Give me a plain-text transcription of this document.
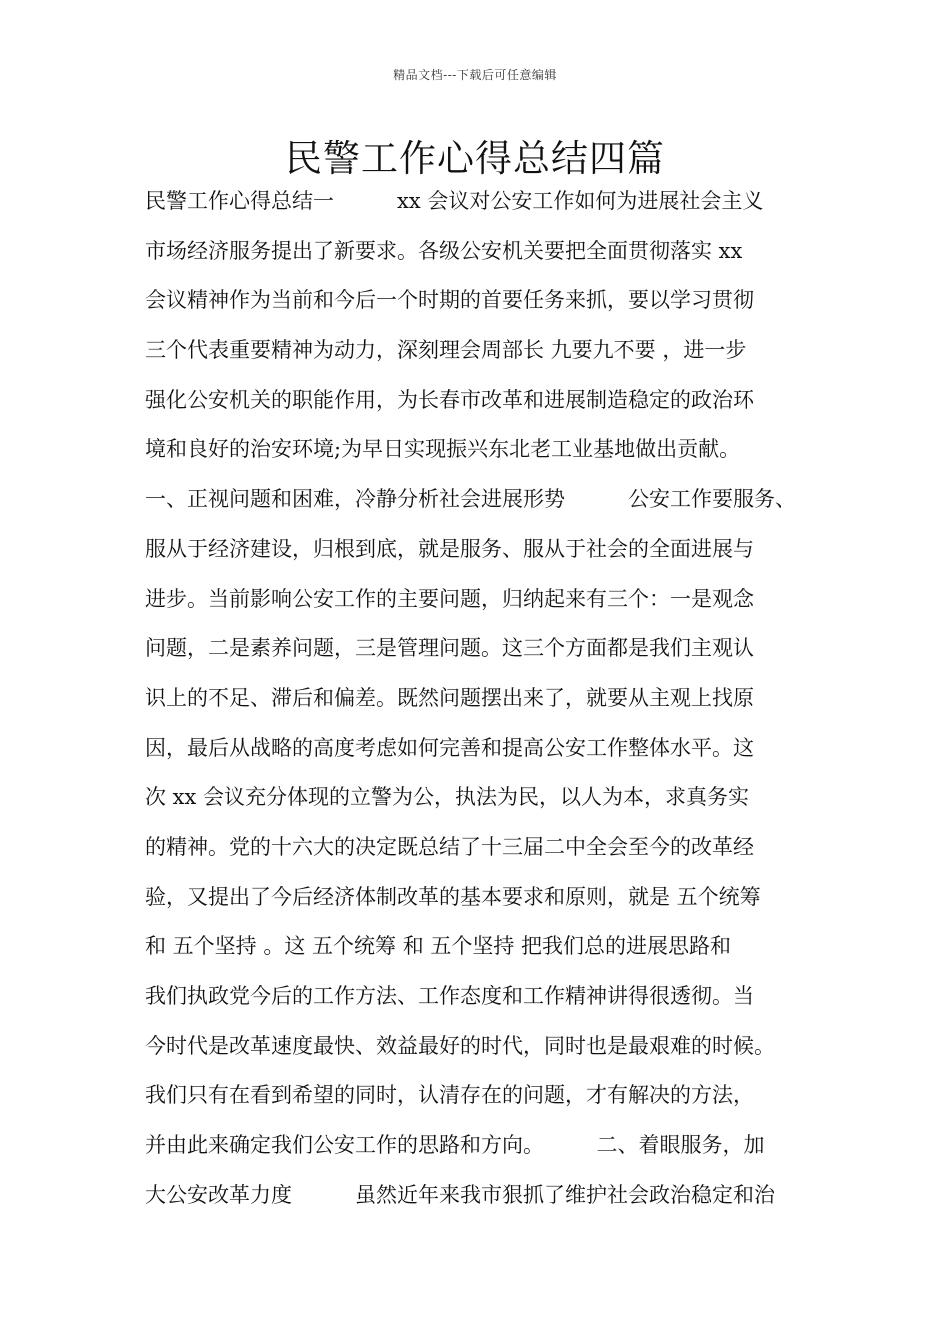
精品文档---下载后可任意编辑
民警工作心得总结四篇
民警工作心得总结一　　　xx 会议对公安工作如何为进展社会主义
市场经济服务提出了新要求。各级公安机关要把全面贯彻落实 xx
会议精神作为当前和今后一个时期的首要任务来抓，要以学习贯彻
三个代表重要精神为动力，深刻理会周部长 九要九不要 ，进一步
强化公安机关的职能作用，为长春市改革和进展制造稳定的政治环
境和良好的治安环境;为早日实现振兴东北老工业基地做出贡献。
一、正视问题和困难，冷静分析社会进展形势　　　公安工作要服务、
服从于经济建设，归根到底，就是服务、服从于社会的全面进展与
进步。当前影响公安工作的主要问题，归纳起来有三个：一是观念
问题，二是素养问题，三是管理问题。这三个方面都是我们主观认
识上的不足、滞后和偏差。既然问题摆出来了，就要从主观上找原
因，最后从战略的高度考虑如何完善和提高公安工作整体水平。这
次 xx 会议充分体现的立警为公，执法为民，以人为本，求真务实
的精神。党的十六大的决定既总结了十三届二中全会至今的改革经
验，又提出了今后经济体制改革的基本要求和原则，就是 五个统筹
和 五个坚持 。这 五个统筹 和 五个坚持 把我们总的进展思路和
我们执政党今后的工作方法、工作态度和工作精神讲得很透彻。当
今时代是改革速度最快、效益最好的时代，同时也是最艰难的时候。
我们只有在看到希望的同时，认清存在的问题，才有解决的方法，
并由此来确定我们公安工作的思路和方向。　　　二、着眼服务，加
大公安改革力度　　　虽然近年来我市狠抓了维护社会政治稳定和治
